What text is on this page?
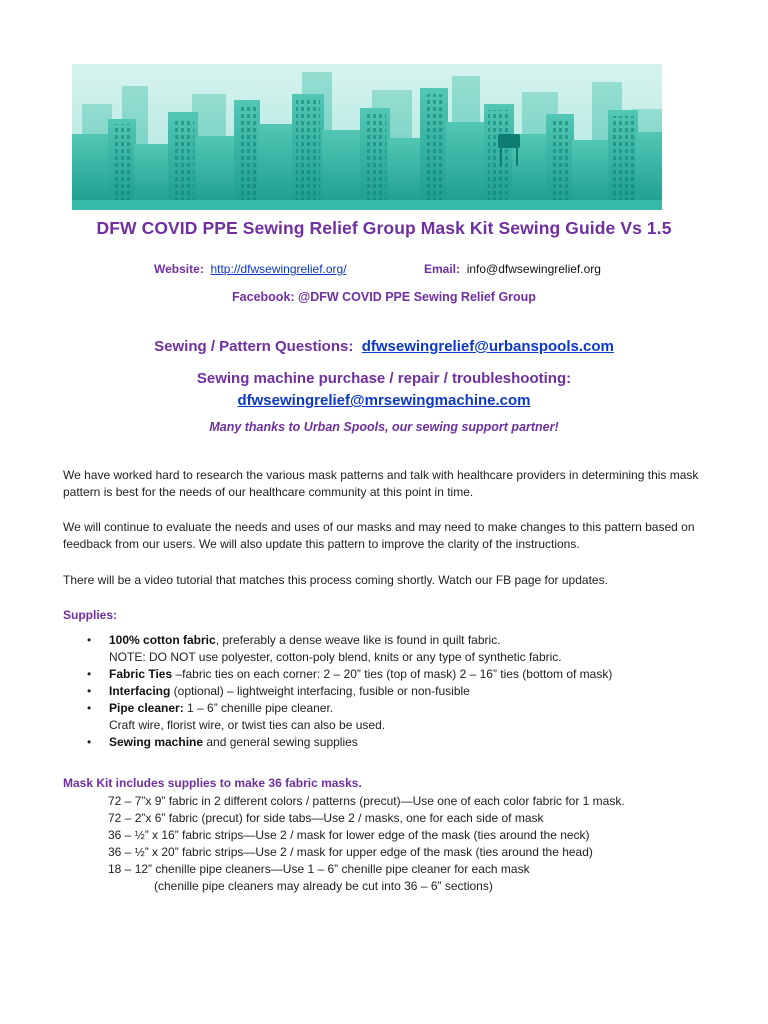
DFW COVID PPE Sewing Relief Group Mask Kit Sewing Guide Vs 1.5
Website: http://dfwsewingrelief.org/	Email: info@dfwsewingrelief.org
Facebook: @DFW COVID PPE Sewing Relief Group
Sewing / Pattern Questions: dfwsewingrelief@urbanspools.com
Sewing machine purchase / repair / troubleshooting:
dfwsewingrelief@mrsewingmachine.com
Many thanks to Urban Spools, our sewing support partner!
We have worked hard to research the various mask patterns and talk with healthcare providers in determining this mask pattern is best for the needs of our healthcare community at this point in time.
We will continue to evaluate the needs and uses of our masks and may need to make changes to this pattern based on feedback from our users. We will also update this pattern to improve the clarity of the instructions.
There will be a video tutorial that matches this process coming shortly. Watch our FB page for updates.
Supplies:
• 100% cotton fabric, preferably a dense weave like is found in quilt fabric.
NOTE: DO NOT use polyester, cotton-poly blend, knits or any type of synthetic fabric.
• Fabric Ties –fabric ties on each corner: 2 – 20” ties (top of mask) 2 – 16” ties (bottom of mask)
• Interfacing (optional) – lightweight interfacing, fusible or non-fusible
• Pipe cleaner: 1 – 6” chenille pipe cleaner.
Craft wire, florist wire, or twist ties can also be used.
• Sewing machine and general sewing supplies
Mask Kit includes supplies to make 36 fabric masks.
72 – 7”x 9” fabric in 2 different colors / patterns (precut)—Use one of each color fabric for 1 mask.
72 – 2”x 6” fabric (precut) for side tabs—Use 2 / masks, one for each side of mask
36 – ½” x 16” fabric strips—Use 2 / mask for lower edge of the mask (ties around the neck)
36 – ½” x 20” fabric strips—Use 2 / mask for upper edge of the mask (ties around the head)
18 – 12” chenille pipe cleaners—Use 1 – 6” chenille pipe cleaner for each mask
(chenille pipe cleaners may already be cut into 36 – 6” sections)
